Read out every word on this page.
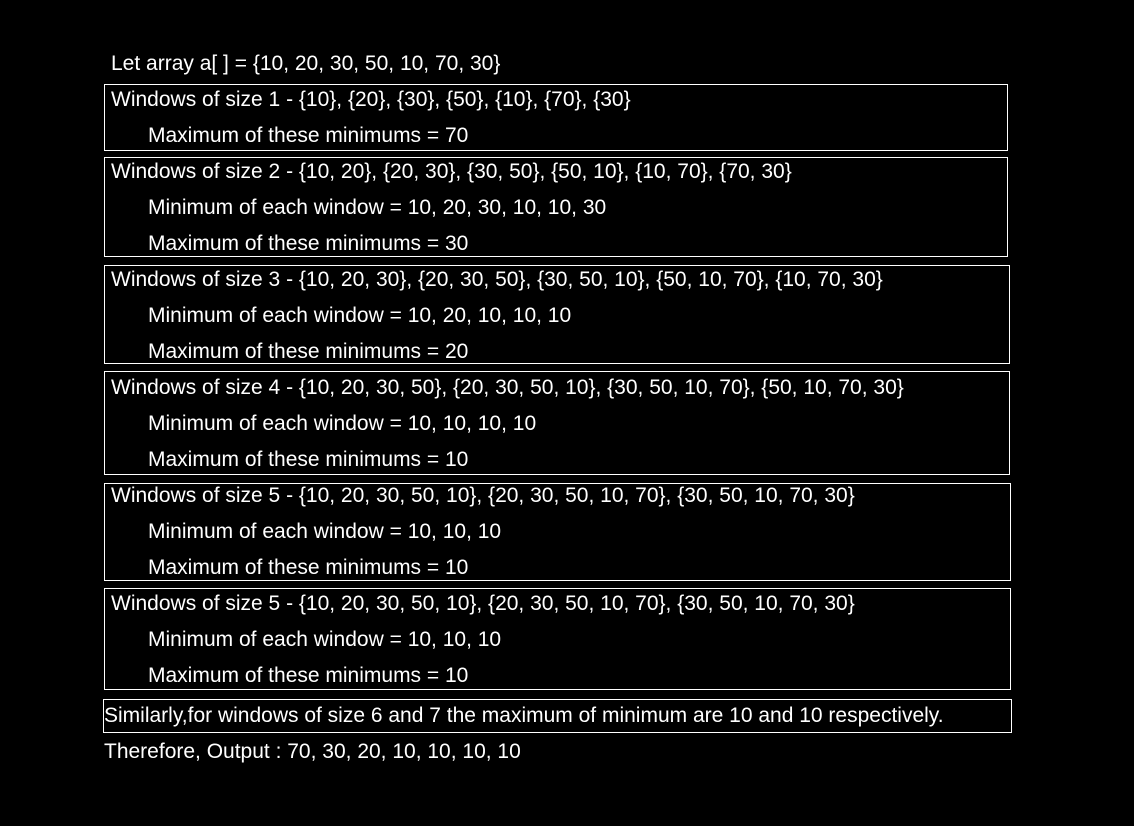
Let array a[ ] = {10, 20, 30, 50, 10, 70, 30}
Windows of size 1 - {10}, {20}, {30}, {50}, {10}, {70}, {30}
Maximum of these minimums = 70
Windows of size 2 - {10, 20}, {20, 30}, {30, 50}, {50, 10}, {10, 70}, {70, 30}
Minimum of each window = 10, 20, 30, 10, 10, 30
Maximum of these minimums = 30
Windows of size 3 - {10, 20, 30}, {20, 30, 50}, {30, 50, 10}, {50, 10, 70}, {10, 70, 30}
Minimum of each window = 10, 20, 10, 10, 10
Maximum of these minimums = 20
Windows of size 4 - {10, 20, 30, 50}, {20, 30, 50, 10}, {30, 50, 10, 70}, {50, 10, 70, 30}
Minimum of each window = 10, 10, 10, 10
Maximum of these minimums = 10
Windows of size 5 - {10, 20, 30, 50, 10}, {20, 30, 50, 10, 70}, {30, 50, 10, 70, 30}
Minimum of each window = 10, 10, 10
Maximum of these minimums = 10
Windows of size 5 - {10, 20, 30, 50, 10}, {20, 30, 50, 10, 70}, {30, 50, 10, 70, 30}
Minimum of each window = 10, 10, 10
Maximum of these minimums = 10
Similarly,for windows of size 6 and 7 the maximum of minimum are 10 and 10 respectively.
Therefore, Output : 70, 30, 20, 10, 10, 10, 10
